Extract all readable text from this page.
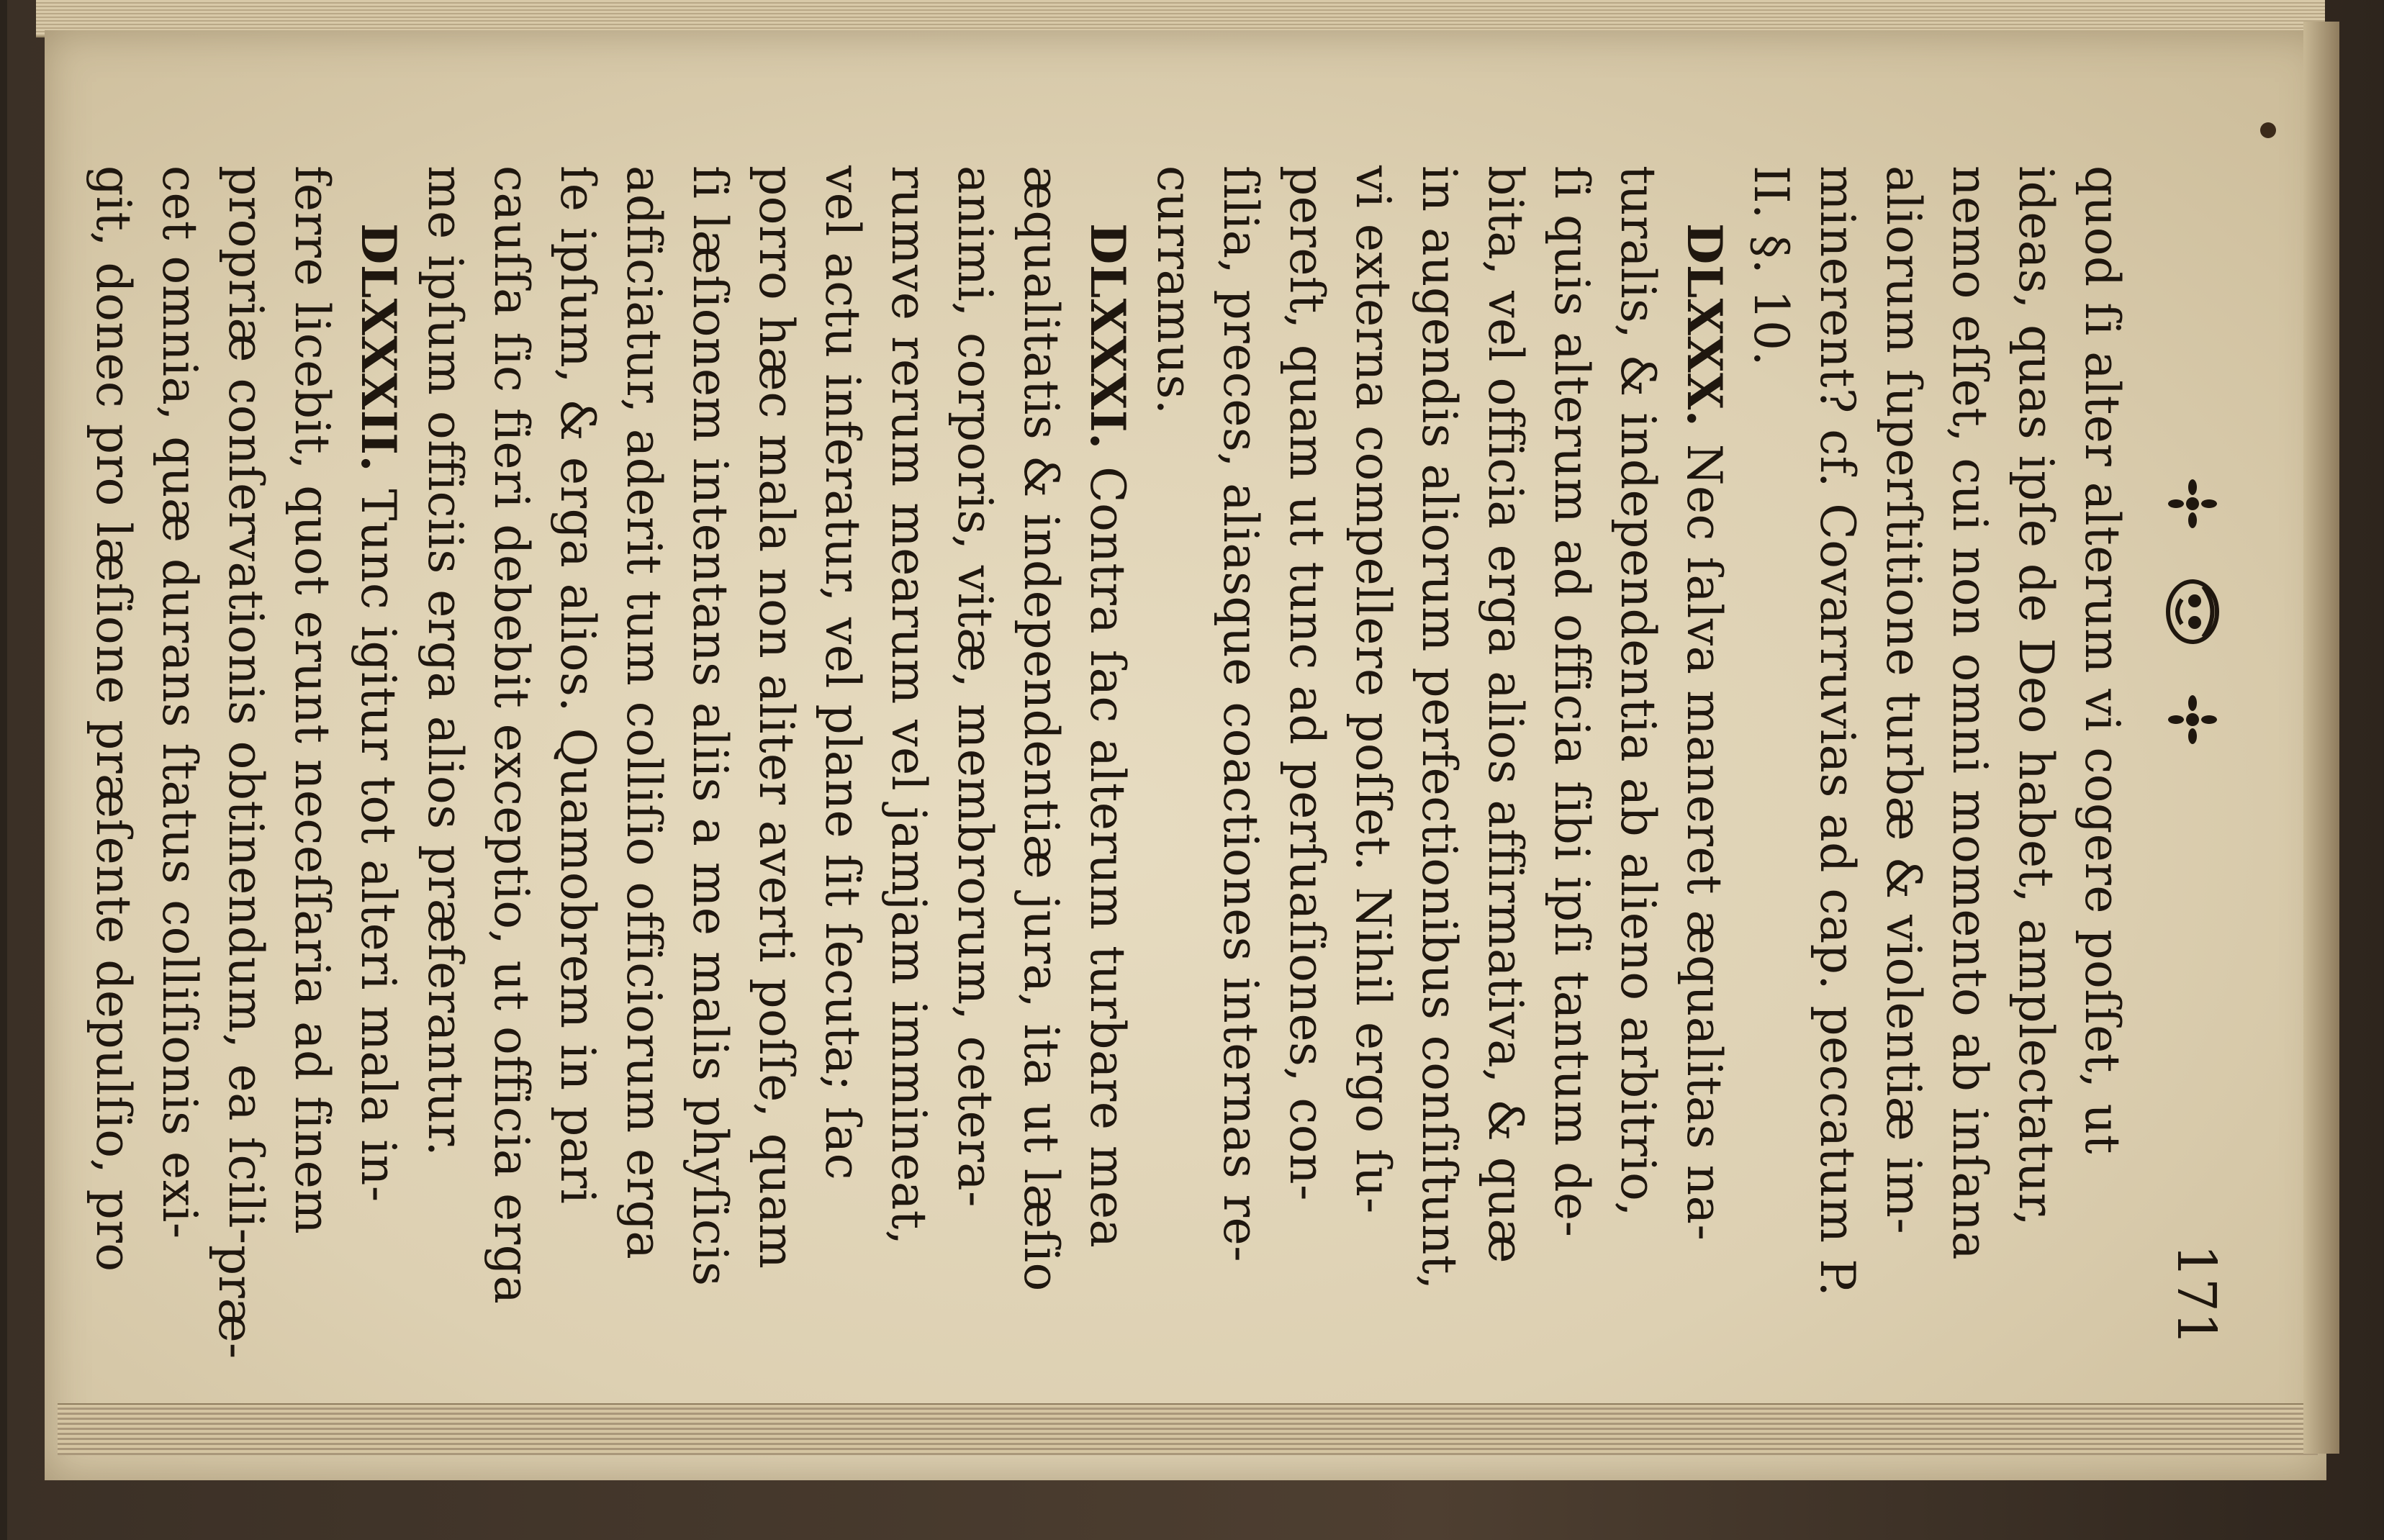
171
quod ſi alter alterum vi cogere poſſet, ut
ideas, quas ipſe de Deo habet, amplectatur,
nemo eſſet, cui non omni momento ab inſana
aliorum ſuperſtitione turbæ & violentiæ im-
minerent? cf. Covarruvias ad cap. peccatum P.
II. §. 10.
DLXXX. Nec ſalva maneret æqualitas na-
turalis, & independentia ab alieno arbitrio,
ſi quis alterum ad officia ſibi ipſi tantum de-
bita, vel officia erga alios affirmativa, & quæ
in augendis aliorum perfectionibus conſiſtunt,
vi externa compellere poſſet. Nihil ergo ſu-
pereſt, quam ut tunc ad perſuaſiones, con-
ſilia, preces, aliasque coactiones internas re-
curramus.
DLXXXI. Contra ſac alterum turbare mea
æqualitatis & independentiæ jura, ita ut læſio
animi, corporis, vitæ, membrorum, cetera-
rumve rerum mearum vel jamjam immineat,
vel actu inferatur, vel plane ſit ſecuta; ſac
porro hæc mala non aliter averti poſſe, quam
ſi læſionem intentans aliis a me malis phyſicis
adficiatur, aderit tum colliſio officiorum erga
ſe ipſum, & erga alios. Quamobrem in pari
cauſſa ſic fieri debebit exceptio, ut officia erga
me ipſum officiis erga alios præferantur.
DLXXXII. Tunc igitur tot alteri mala in-
ferre licebit, quot erunt neceſſaria ad finem
propriæ conſervationis obtinendum, ea ſcili-
cet omnia, quæ durans ſtatus colliſionis exi-
git, donec pro læſione præſente depulſio, pro
præ-
